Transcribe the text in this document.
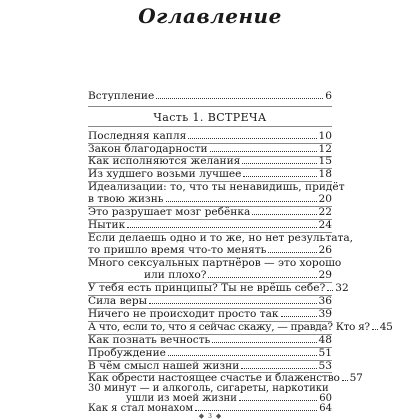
Оглавление
Вступление	6
Часть 1. ВСТРЕЧА
Последняя капля	10
Закон благодарности	12
Как исполняются желания	15
Из худшего возьми лучшее	18
Идеализации: то, что ты ненавидишь, придёт
в твою жизнь	20
Это разрушает мозг ребёнка	22
Нытик	24
Если делаешь одно и то же, но нет результата,
то пришло время что-то менять	26
Много сексуальных партнёров — это хорошо
или плохо?	29
У тебя есть принципы? Ты не врёшь себе? 32
Сила веры	36
Ничего не происходит просто так	39
А что, если то, что я сейчас скажу, — правда? Кто я? 45
Как познать вечность	48
Пробуждение	51
В чём смысл нашей жизни	53
Как обрести настоящее счастье и блаженство 57
30 минут — и алкоголь, сигареты, наркотики
ушли из моей жизни	60
Как я стал монахом	64
◆ 3 ◆
